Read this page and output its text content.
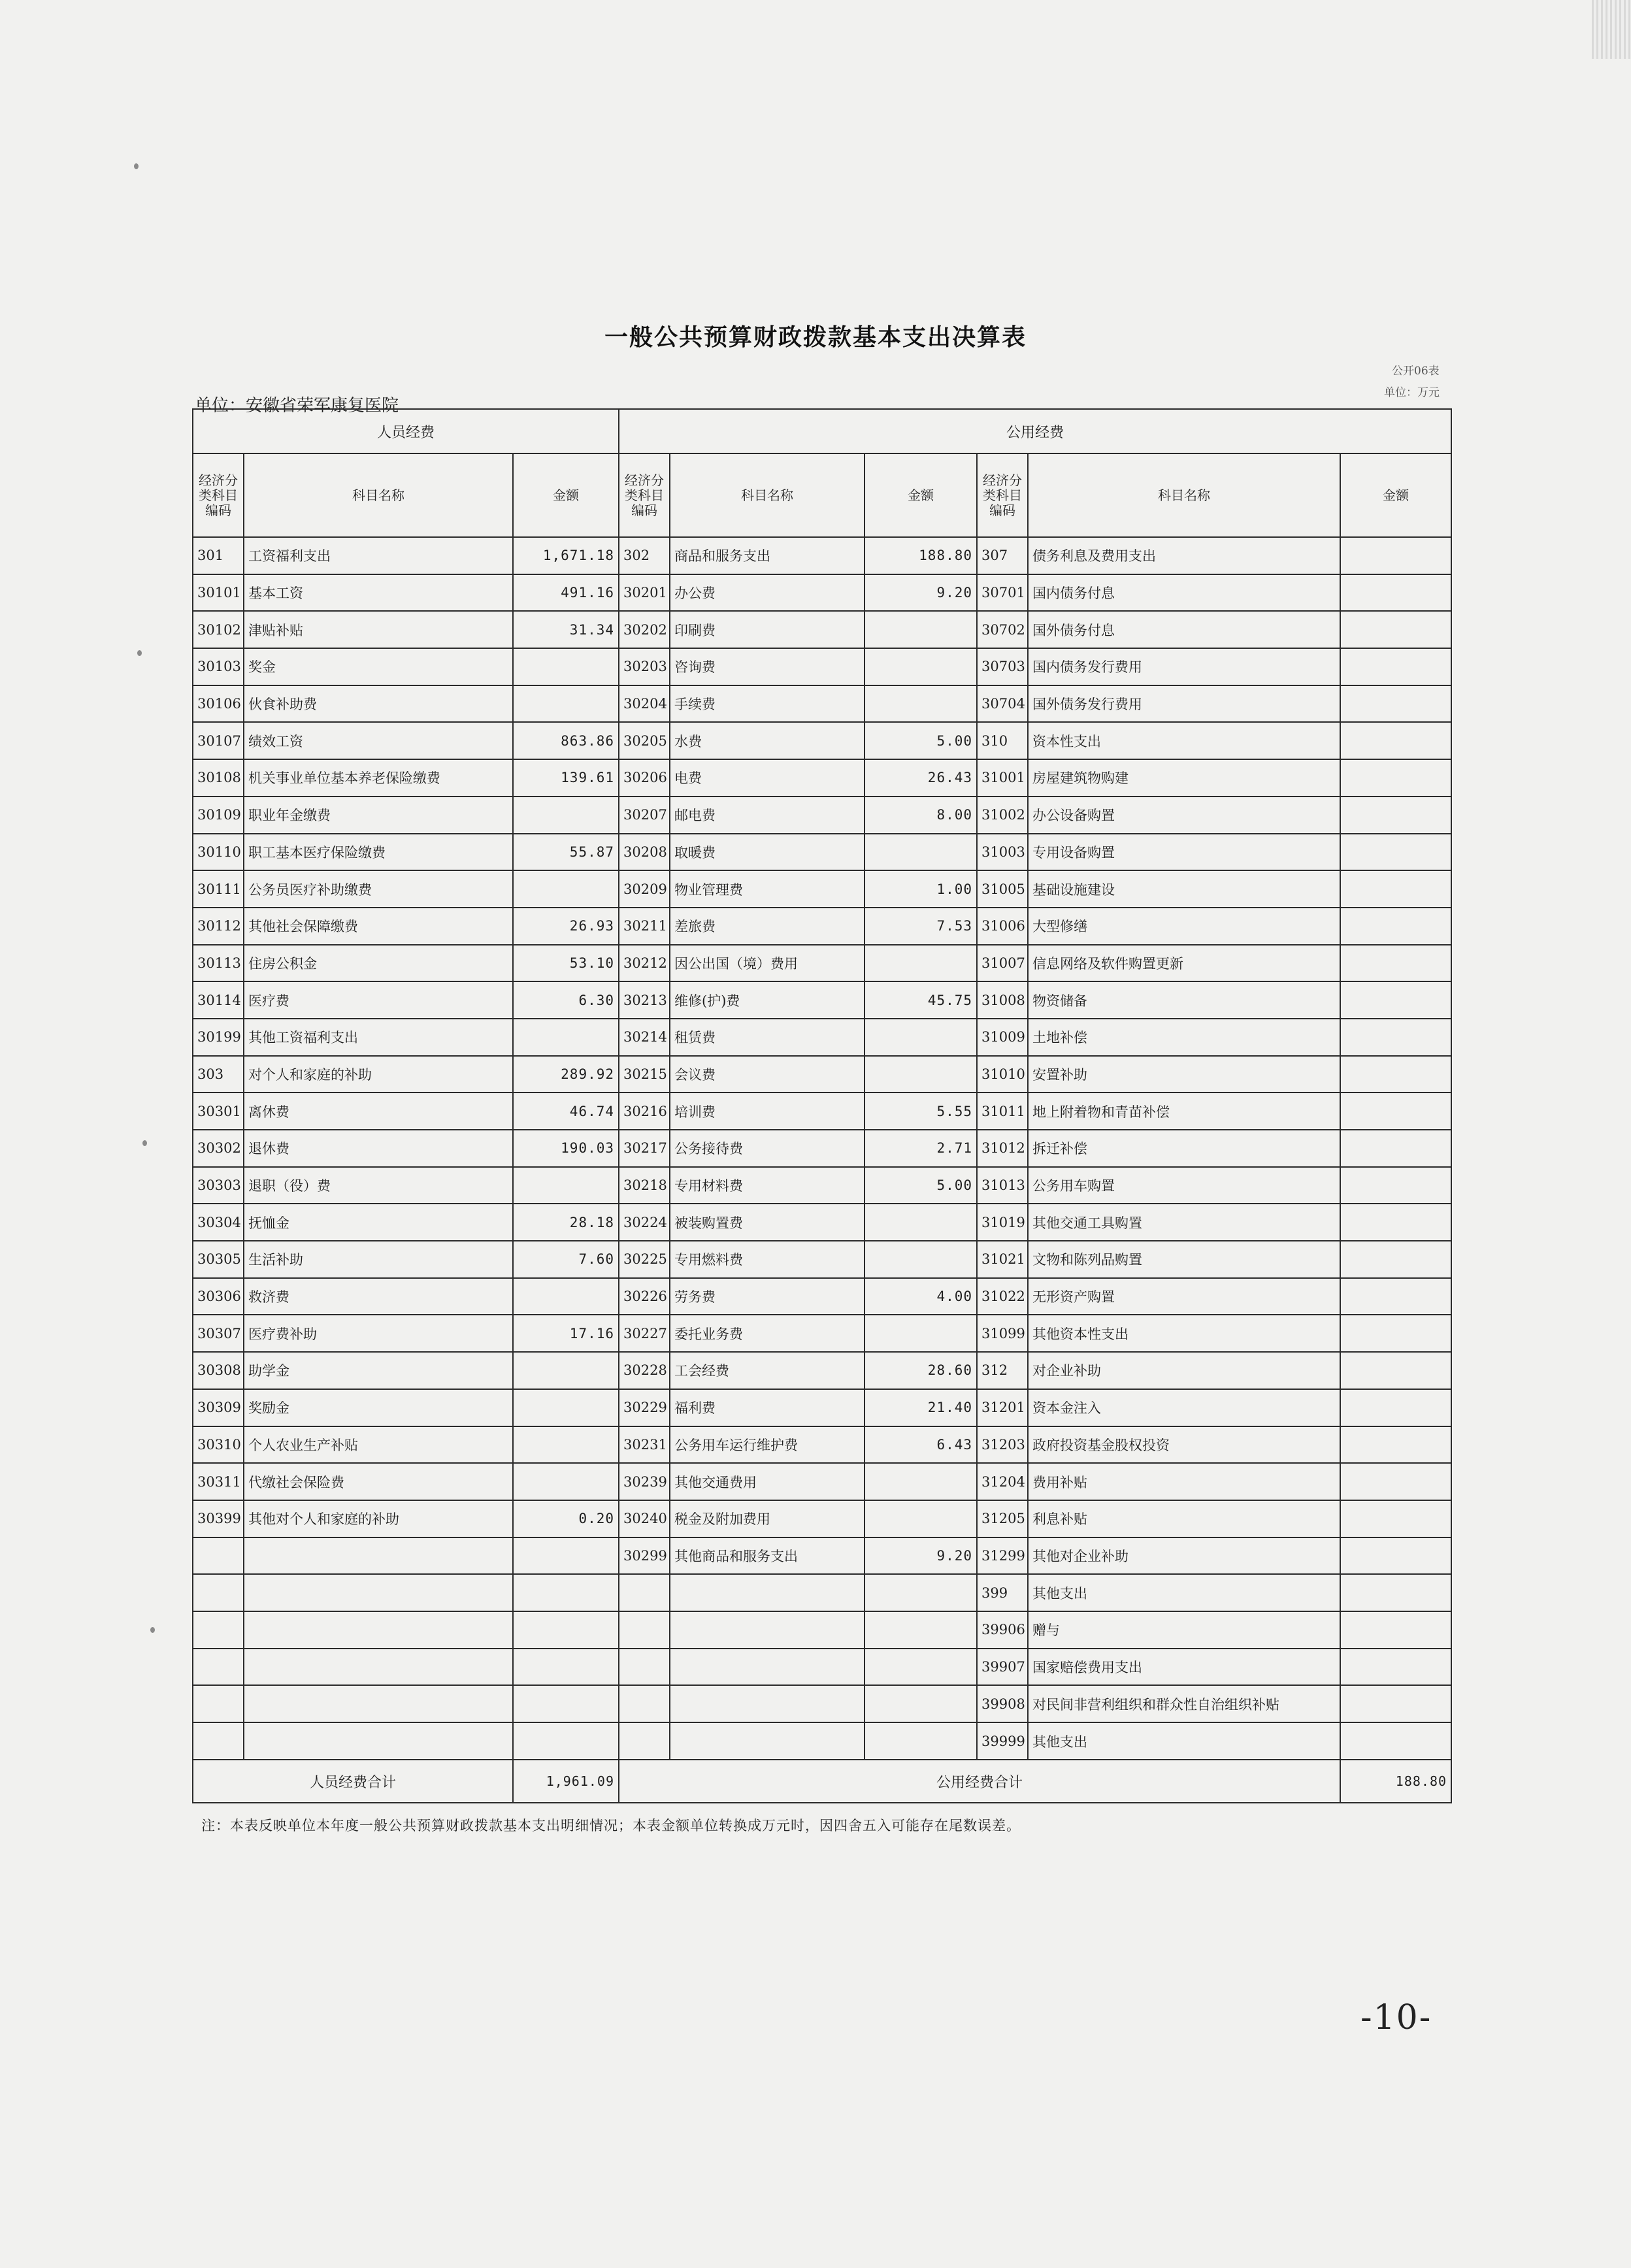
一般公共预算财政拨款基本支出决算表
公开06表
单位：安徽省荣军康复医院
单位：万元
人员经费			公用经费					
经济分类科目编码	科目名称	金额	经济分类科目编码	科目名称	金额	经济分类科目编码	科目名称	金额
301	工资福利支出	1,671.18	302	商品和服务支出	188.80	307	债务利息及费用支出	
30101	基本工资	491.16	30201	办公费	9.20	30701	国内债务付息	
30102	津贴补贴	31.34	30202	印刷费		30702	国外债务付息	
30103	奖金		30203	咨询费		30703	国内债务发行费用	
30106	伙食补助费		30204	手续费		30704	国外债务发行费用	
30107	绩效工资	863.86	30205	水费	5.00	310	资本性支出	
30108	机关事业单位基本养老保险缴费	139.61	30206	电费	26.43	31001	房屋建筑物购建	
30109	职业年金缴费		30207	邮电费	8.00	31002	办公设备购置	
30110	职工基本医疗保险缴费	55.87	30208	取暖费		31003	专用设备购置	
30111	公务员医疗补助缴费		30209	物业管理费	1.00	31005	基础设施建设	
30112	其他社会保障缴费	26.93	30211	差旅费	7.53	31006	大型修缮	
30113	住房公积金	53.10	30212	因公出国（境）费用		31007	信息网络及软件购置更新	
30114	医疗费	6.30	30213	维修(护)费	45.75	31008	物资储备	
30199	其他工资福利支出		30214	租赁费		31009	土地补偿	
303	对个人和家庭的补助	289.92	30215	会议费		31010	安置补助	
30301	离休费	46.74	30216	培训费	5.55	31011	地上附着物和青苗补偿	
30302	退休费	190.03	30217	公务接待费	2.71	31012	拆迁补偿	
30303	退职（役）费		30218	专用材料费	5.00	31013	公务用车购置	
30304	抚恤金	28.18	30224	被装购置费		31019	其他交通工具购置	
30305	生活补助	7.60	30225	专用燃料费		31021	文物和陈列品购置	
30306	救济费		30226	劳务费	4.00	31022	无形资产购置	
30307	医疗费补助	17.16	30227	委托业务费		31099	其他资本性支出	
30308	助学金		30228	工会经费	28.60	312	对企业补助	
30309	奖励金		30229	福利费	21.40	31201	资本金注入	
30310	个人农业生产补贴		30231	公务用车运行维护费	6.43	31203	政府投资基金股权投资	
30311	代缴社会保险费		30239	其他交通费用		31204	费用补贴	
30399	其他对个人和家庭的补助	0.20	30240	税金及附加费用		31205	利息补贴	
			30299	其他商品和服务支出	9.20	31299	其他对企业补助	
						399	其他支出	
						39906	赠与	
						39907	国家赔偿费用支出	
						39908	对民间非营利组织和群众性自治组织补贴	
						39999	其他支出	
人员经费合计		1,961.09	公用经费合计					188.80
注：本表反映单位本年度一般公共预算财政拨款基本支出明细情况；本表金额单位转换成万元时，因四舍五入可能存在尾数误差。
-10-
